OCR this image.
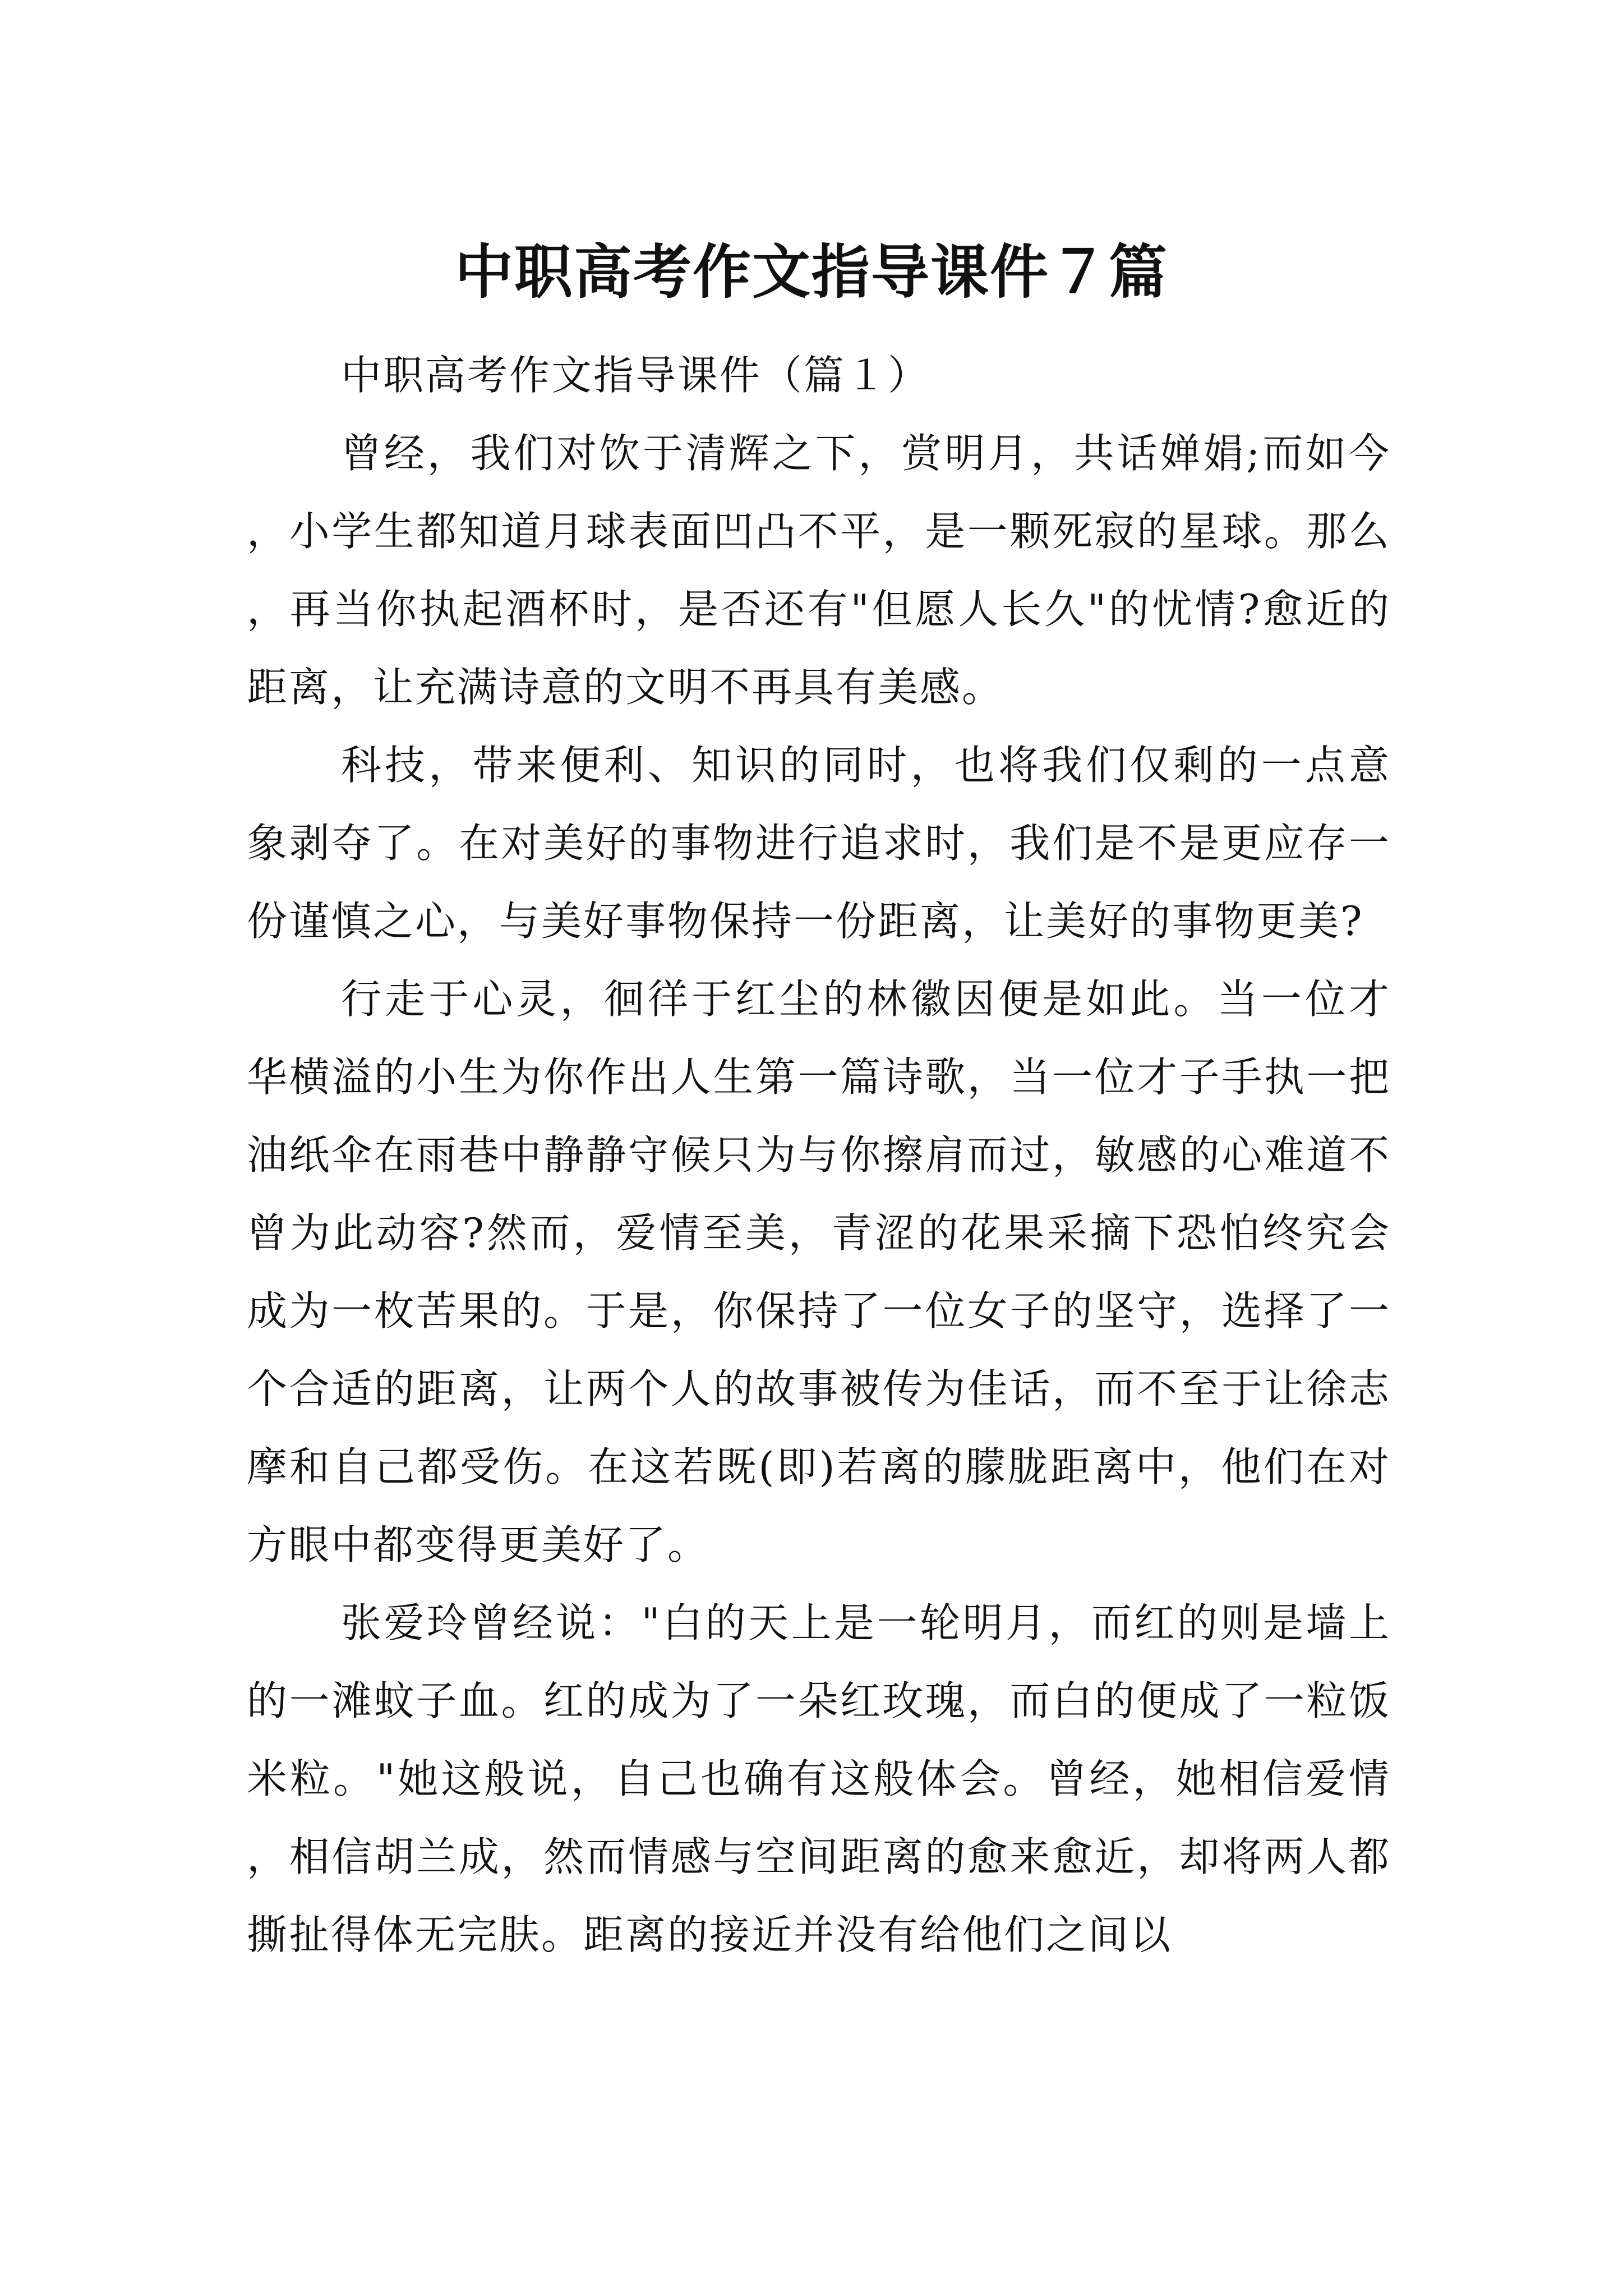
中职高考作文指导课件７篇

中职高考作文指导课件（篇１）

曾经，我们对饮于清辉之下，赏明月，共话婵娟;而如今，小学生都知道月球表面凹凸不平，是一颗死寂的星球。那么，再当你执起酒杯时，是否还有"但愿人长久"的忧情?愈近的距离，让充满诗意的文明不再具有美感。

科技，带来便利、知识的同时，也将我们仅剩的一点意象剥夺了。在对美好的事物进行追求时，我们是不是更应存一份谨慎之心，与美好事物保持一份距离，让美好的事物更美?

行走于心灵，徊徉于红尘的林徽因便是如此。当一位才华横溢的小生为你作出人生第一篇诗歌，当一位才子手执一把油纸伞在雨巷中静静守候只为与你擦肩而过，敏感的心难道不曾为此动容?然而，爱情至美，青涩的花果采摘下恐怕终究会成为一枚苦果的。于是，你保持了一位女子的坚守，选择了一个合适的距离，让两个人的故事被传为佳话，而不至于让徐志摩和自己都受伤。在这若既(即)若离的朦胧距离中，他们在对方眼中都变得更美好了。

张爱玲曾经说："白的天上是一轮明月，而红的则是墙上的一滩蚊子血。红的成为了一朵红玫瑰，而白的便成了一粒饭米粒。"她这般说，自己也确有这般体会。曾经，她相信爱情，相信胡兰成，然而情感与空间距离的愈来愈近，却将两人都撕扯得体无完肤。距离的接近并没有给他们之间以
